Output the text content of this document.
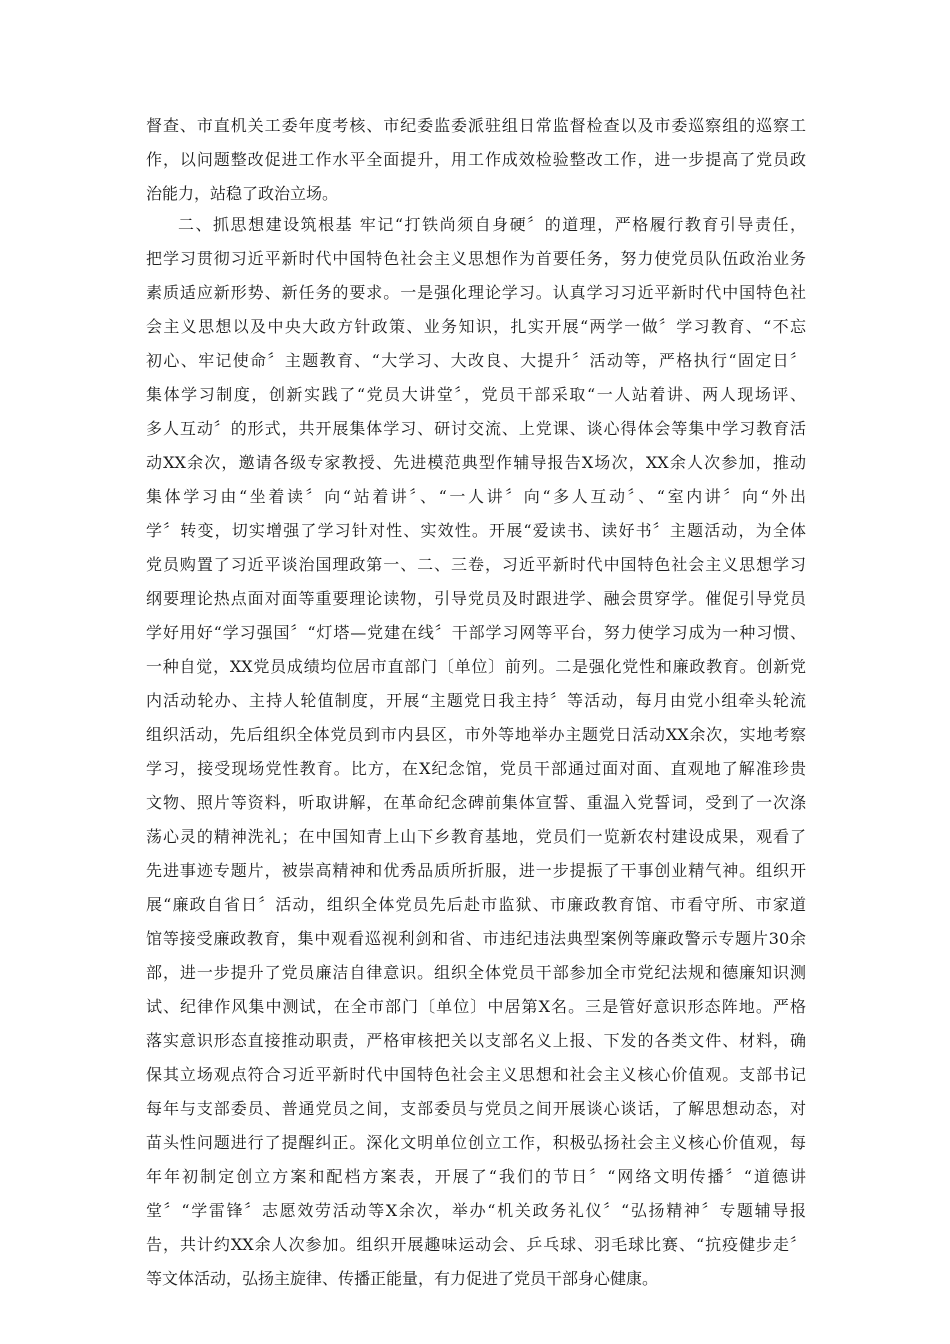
督查、市直机关工委年度考核、市纪委监委派驻组日常监督检查以及市委巡察组的巡察工
作，以问题整改促进工作水平全面提升，用工作成效检验整改工作，进一步提高了党员政
治能力，站稳了政治立场。
二、抓思想建设筑根基 牢记“打铁尚须自身硬〞的道理，严格履行教育引导责任，
把学习贯彻习近平新时代中国特色社会主义思想作为首要任务，努力使党员队伍政治业务
素质适应新形势、新任务的要求。一是强化理论学习。认真学习习近平新时代中国特色社
会主义思想以及中央大政方针政策、业务知识，扎实开展“两学一做〞学习教育、“不忘
初心、牢记使命〞主题教育、“大学习、大改良、大提升〞活动等，严格执行“固定日〞
集体学习制度，创新实践了“党员大讲堂〞，党员干部采取“一人站着讲、两人现场评、
多人互动〞的形式，共开展集体学习、研讨交流、上党课、谈心得体会等集中学习教育活
动XX余次，邀请各级专家教授、先进模范典型作辅导报告X场次，XX余人次参加，推动
集体学习由“坐着读〞向“站着讲〞、“一人讲〞向“多人互动〞、“室内讲〞向“外出
学〞转变，切实增强了学习针对性、实效性。开展“爱读书、读好书〞主题活动，为全体
党员购置了习近平谈治国理政第一、二、三卷，习近平新时代中国特色社会主义思想学习
纲要理论热点面对面等重要理论读物，引导党员及时跟进学、融会贯穿学。催促引导党员
学好用好“学习强国〞“灯塔—党建在线〞干部学习网等平台，努力使学习成为一种习惯、
一种自觉，XX党员成绩均位居市直部门〔单位〕前列。二是强化党性和廉政教育。创新党
内活动轮办、主持人轮值制度，开展“主题党日我主持〞等活动，每月由党小组牵头轮流
组织活动，先后组织全体党员到市内县区，市外等地举办主题党日活动XX余次，实地考察
学习，接受现场党性教育。比方，在X纪念馆，党员干部通过面对面、直观地了解准珍贵
文物、照片等资料，听取讲解，在革命纪念碑前集体宣誓、重温入党誓词，受到了一次涤
荡心灵的精神洗礼；在中国知青上山下乡教育基地，党员们一览新农村建设成果，观看了
先进事迹专题片，被崇高精神和优秀品质所折服，进一步提振了干事创业精气神。组织开
展“廉政自省日〞活动，组织全体党员先后赴市监狱、市廉政教育馆、市看守所、市家道
馆等接受廉政教育，集中观看巡视利剑和省、市违纪违法典型案例等廉政警示专题片30余
部，进一步提升了党员廉洁自律意识。组织全体党员干部参加全市党纪法规和德廉知识测
试、纪律作风集中测试，在全市部门〔单位〕中居第X名。三是管好意识形态阵地。严格
落实意识形态直接推动职责，严格审核把关以支部名义上报、下发的各类文件、材料，确
保其立场观点符合习近平新时代中国特色社会主义思想和社会主义核心价值观。支部书记
每年与支部委员、普通党员之间，支部委员与党员之间开展谈心谈话，了解思想动态，对
苗头性问题进行了提醒纠正。深化文明单位创立工作，积极弘扬社会主义核心价值观，每
年年初制定创立方案和配档方案表，开展了“我们的节日〞“网络文明传播〞“道德讲
堂〞“学雷锋〞志愿效劳活动等X余次，举办“机关政务礼仪〞“弘扬精神〞专题辅导报
告，共计约XX余人次参加。组织开展趣味运动会、乒乓球、羽毛球比赛、“抗疫健步走〞
等文体活动，弘扬主旋律、传播正能量，有力促进了党员干部身心健康。
